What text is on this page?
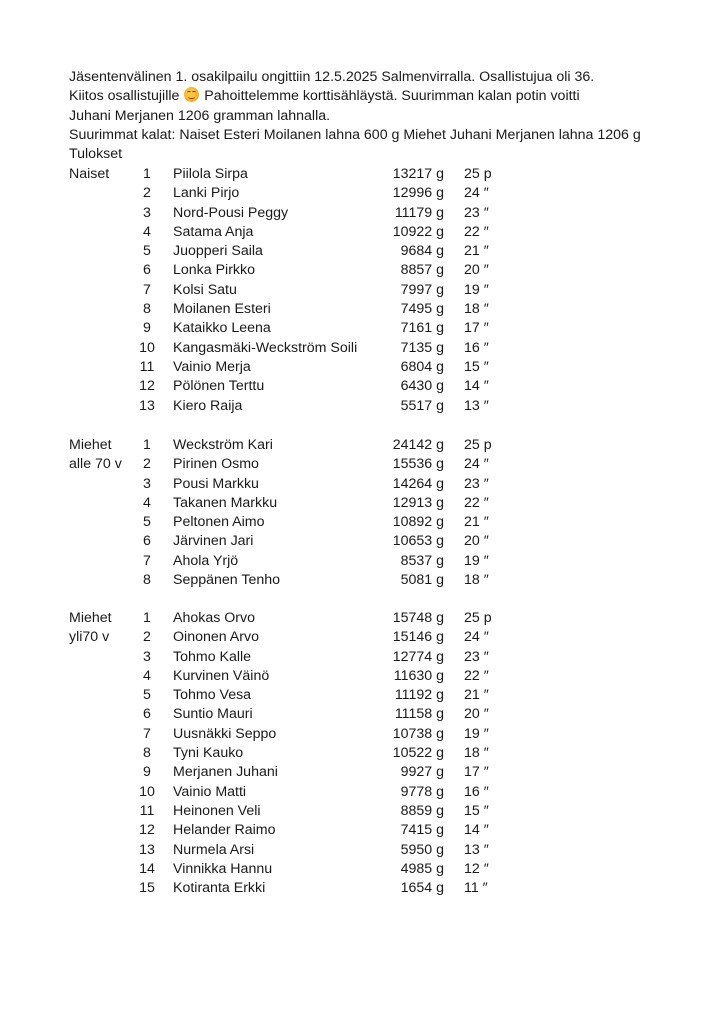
Jäsentenvälinen 1. osakilpailu ongittiin 12.5.2025 Salmenvirralla. Osallistujua oli 36.
Kiitos osallistujille
Pahoittelemme korttisähläystä. Suurimman kalan potin voitti
Juhani Merjanen 1206 gramman lahnalla.
Suurimmat kalat: Naiset Esteri Moilanen lahna 600 g Miehet Juhani Merjanen lahna 1206 g
Tulokset
Naiset 1 Piilola Sirpa	13217 g 25 p
2 Lanki Pirjo	12996 g 24 ″
3 Nord-Pousi Peggy	11179 g 23 ″
4 Satama Anja	10922 g 22 ″
5 Juopperi Saila	9684 g 21 ″
6 Lonka Pirkko	8857 g 20 ″
7 Kolsi Satu	7997 g 19 ″
8 Moilanen Esteri	7495 g 18 ″
9 Kataikko Leena	7161 g 17 ″
10 Kangasmäki-Weckström Soili	7135 g 16 ″
11 Vainio Merja	6804 g 15 ″
12 Pölönen Terttu	6430 g 14 ″
13 Kiero Raija	5517 g 13 ″
Miehet 1 Weckström Kari	24142 g 25 p
alle 70 v 2 Pirinen Osmo	15536 g 24 ″
3 Pousi Markku	14264 g 23 ″
4 Takanen Markku	12913 g 22 ″
5 Peltonen Aimo	10892 g 21 ″
6 Järvinen Jari	10653 g 20 ″
7 Ahola Yrjö	8537 g 19 ″
8 Seppänen Tenho	5081 g 18 ″
Miehet 1 Ahokas Orvo	15748 g 25 p
yli70 v 2 Oinonen Arvo	15146 g 24 ″
3 Tohmo Kalle	12774 g 23 ″
4 Kurvinen Väinö	11630 g 22 ″
5 Tohmo Vesa	11192 g 21 ″
6 Suntio Mauri	11158 g 20 ″
7 Uusnäkki Seppo	10738 g 19 ″
8 Tyni Kauko	10522 g 18 ″
9 Merjanen Juhani	9927 g 17 ″
10 Vainio Matti	9778 g 16 ″
11 Heinonen Veli	8859 g 15 ″
12 Helander Raimo	7415 g 14 ″
13 Nurmela Arsi	5950 g 13 ″
14 Vinnikka Hannu	4985 g 12 ″
15 Kotiranta Erkki	1654 g 11 ″
